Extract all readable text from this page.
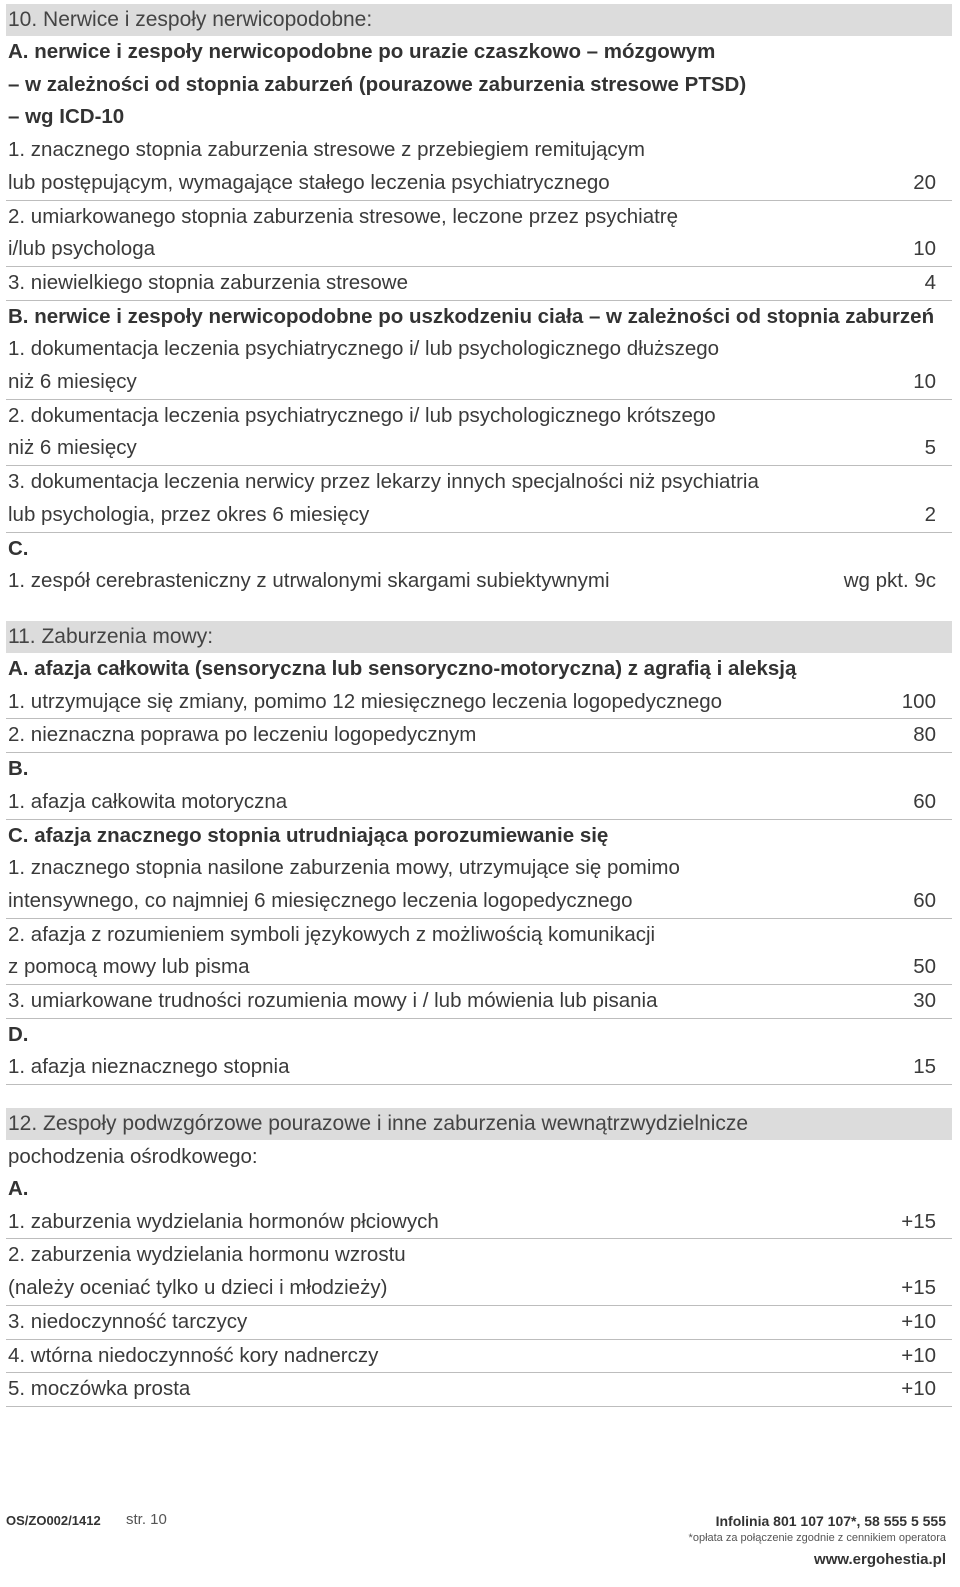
10. Nerwice i zespoły nerwicopodobne:
A. nerwice i zespoły nerwicopodobne po urazie czaszkowo – mózgowym
– w zależności od stopnia zaburzeń (pourazowe zaburzenia stresowe PTSD)
– wg ICD-10
1. znacznego stopnia zaburzenia stresowe z przebiegiem remitującym
lub postępującym, wymagające stałego leczenia psychiatrycznego	20
2. umiarkowanego stopnia zaburzenia stresowe, leczone przez psychiatrę
i/lub psychologa	10
3. niewielkiego stopnia zaburzenia stresowe	4
B. nerwice i zespoły nerwicopodobne po uszkodzeniu ciała – w zależności od stopnia zaburzeń
1. dokumentacja leczenia psychiatrycznego i/ lub psychologicznego dłuższego
niż 6 miesięcy	10
2. dokumentacja leczenia psychiatrycznego i/ lub psychologicznego krótszego
niż 6 miesięcy	5
3. dokumentacja leczenia nerwicy przez lekarzy innych specjalności niż psychiatria
lub psychologia, przez okres 6 miesięcy	2
C.
1. zespół cerebrasteniczny z utrwalonymi skargami subiektywnymi	wg pkt. 9c
11. Zaburzenia mowy:
A. afazja całkowita (sensoryczna lub sensoryczno-motoryczna) z agrafią i aleksją
1. utrzymujące się zmiany, pomimo 12 miesięcznego leczenia logopedycznego	100
2. nieznaczna poprawa po leczeniu logopedycznym	80
B.
1. afazja całkowita motoryczna	60
C. afazja znacznego stopnia utrudniająca porozumiewanie się
1. znacznego stopnia nasilone zaburzenia mowy, utrzymujące się pomimo
intensywnego, co najmniej 6 miesięcznego leczenia logopedycznego	60
2. afazja z rozumieniem symboli językowych z możliwością komunikacji
z pomocą mowy lub pisma	50
3. umiarkowane trudności rozumienia mowy i / lub mówienia lub pisania	30
D.
1. afazja nieznacznego stopnia	15
12. Zespoły podwzgórzowe pourazowe i inne zaburzenia wewnątrzwydzielnicze
pochodzenia ośrodkowego:
A.
1. zaburzenia wydzielania hormonów płciowych	+15
2. zaburzenia wydzielania hormonu wzrostu
(należy oceniać tylko u dzieci i młodzieży)	+15
3. niedoczynność tarczycy	+10
4. wtórna niedoczynność kory nadnerczy	+10
5. moczówka prosta	+10
OS/ZO002/1412 str. 10	Infolinia 801 107 107*, 58 555 5 555
*opłata za połączenie zgodnie z cennikiem operatora
www.ergohestia.pl
